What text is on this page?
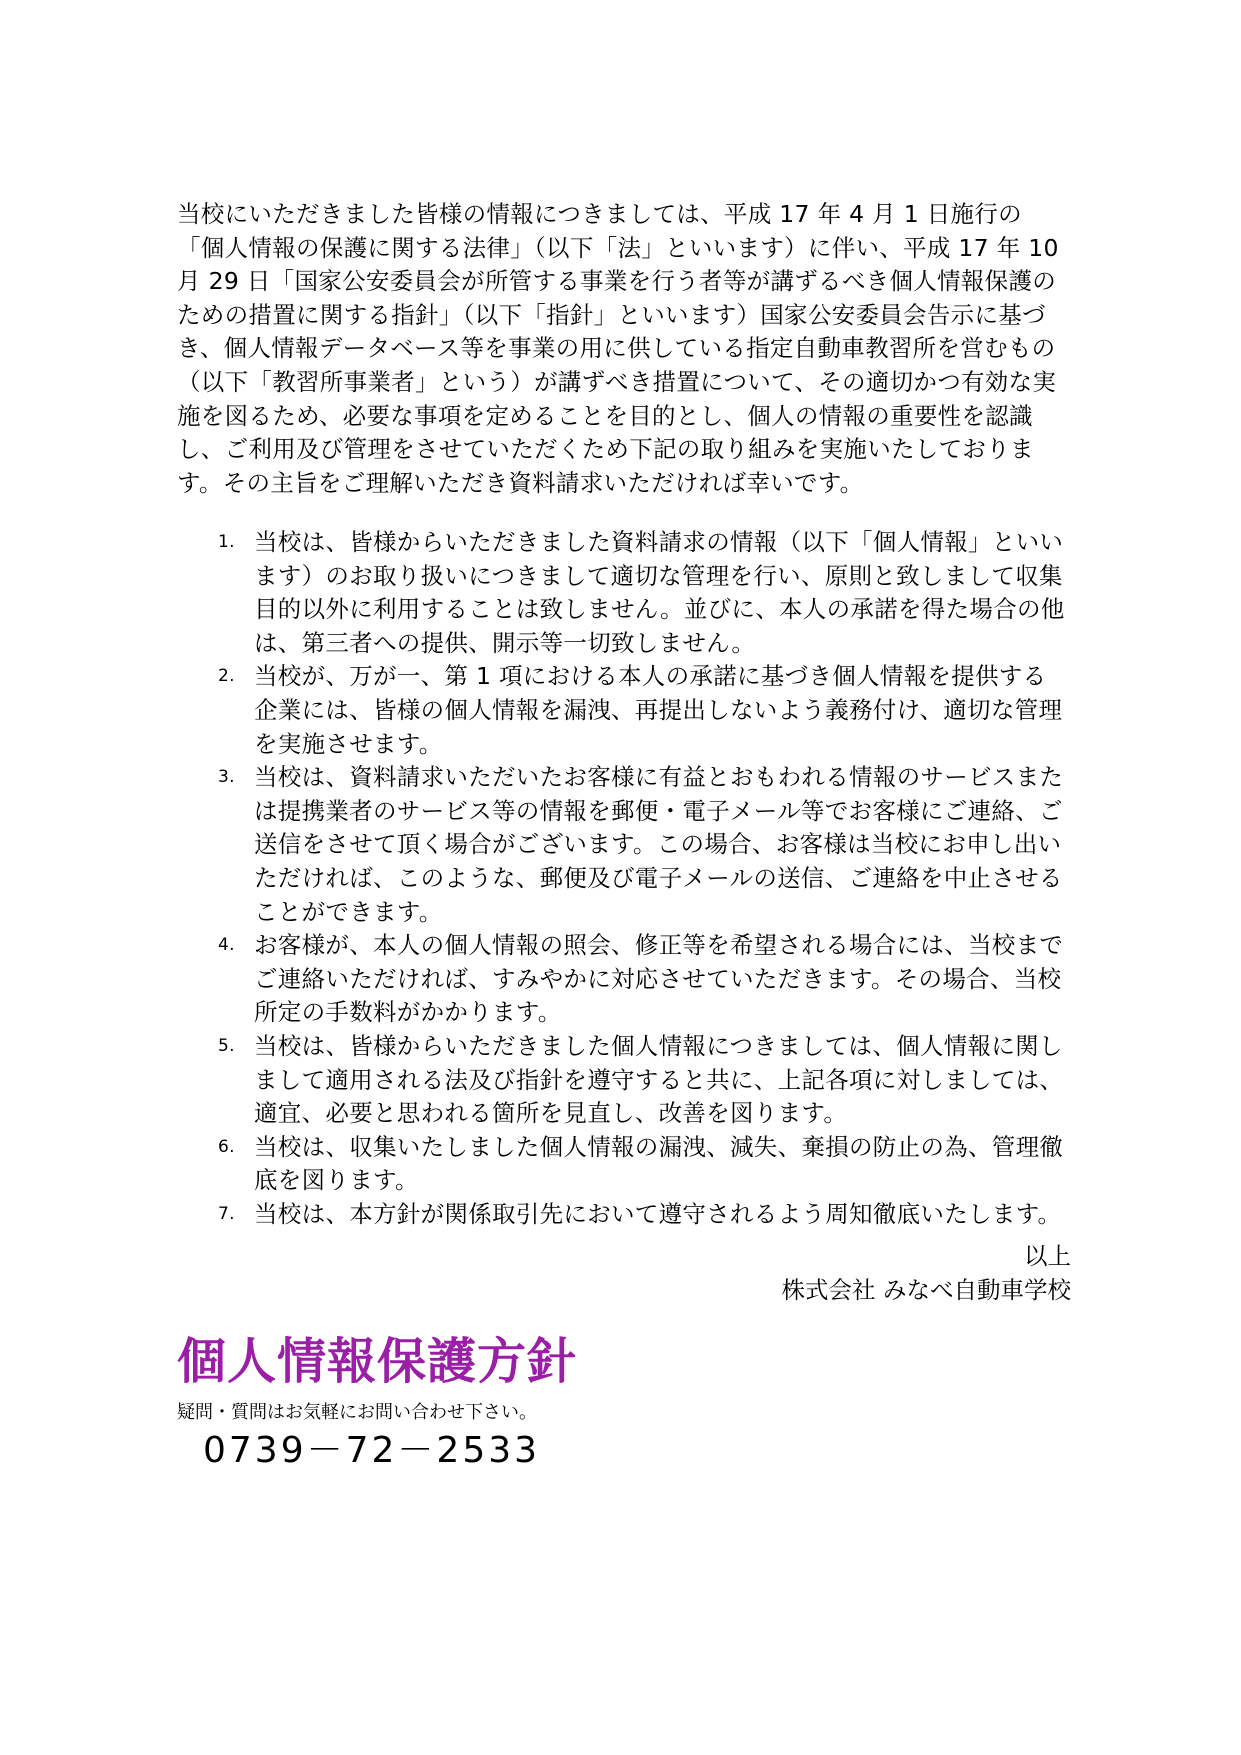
当校にいただきました皆様の情報につきましては、平成 17 年 4 月 1 日施行の「個人情報の保護に関する法律」（以下「法」といいます）に伴い、平成 17 年 10 月 29 日「国家公安委員会が所管する事業を行う者等が講ずるべき個人情報保護のための措置に関する指針」（以下「指針」といいます）国家公安委員会告示に基づき、個人情報データベース等を事業の用に供している指定自動車教習所を営むもの（以下「教習所事業者」という）が講ずべき措置について、その適切かつ有効な実施を図るため、必要な事項を定めることを目的とし、個人の情報の重要性を認識し、ご利用及び管理をさせていただくため下記の取り組みを実施いたしております。その主旨をご理解いただき資料請求いただければ幸いです。

1. 当校は、皆様からいただきました資料請求の情報（以下「個人情報」といいます）のお取り扱いにつきまして適切な管理を行い、原則と致しまして収集目的以外に利用することは致しません。並びに、本人の承諾を得た場合の他は、第三者への提供、開示等一切致しません。
2. 当校が、万が一、第 1 項における本人の承諾に基づき個人情報を提供する企業には、皆様の個人情報を漏洩、再提出しないよう義務付け、適切な管理を実施させます。
3. 当校は、資料請求いただいたお客様に有益とおもわれる情報のサービスまたは提携業者のサービス等の情報を郵便・電子メール等でお客様にご連絡、ご送信をさせて頂く場合がございます。この場合、お客様は当校にお申し出いただければ、このような、郵便及び電子メールの送信、ご連絡を中止させることができます。
4. お客様が、本人の個人情報の照会、修正等を希望される場合には、当校までご連絡いただければ、すみやかに対応させていただきます。その場合、当校所定の手数料がかかります。
5. 当校は、皆様からいただきました個人情報につきましては、個人情報に関しまして適用される法及び指針を遵守すると共に、上記各項に対しましては、適宜、必要と思われる箇所を見直し、改善を図ります。
6. 当校は、収集いたしました個人情報の漏洩、減失、棄損の防止の為、管理徹底を図ります。
7. 当校は、本方針が関係取引先において遵守されるよう周知徹底いたします。
以上
株式会社 みなべ自動車学校
個人情報保護方針
疑問・質問はお気軽にお問い合わせ下さい。
0739－72－2533
